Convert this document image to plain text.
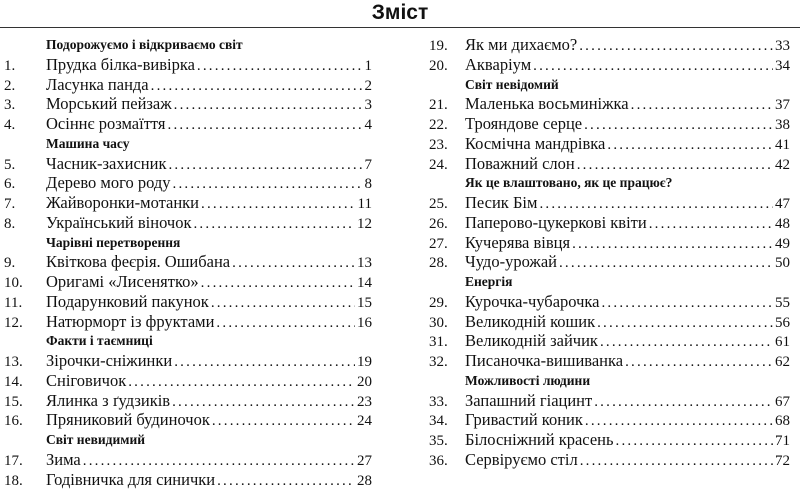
Зміст
Подорожуємо і відкриваємо світ
1.	Прудка білка-вивірка .....	1
2.	Ласунка панда .....	2
3.	Морський пейзаж .....	3
4.	Осіннє розмаїття .....	4
Машина часу
5.	Часник-захисник .....	7
6.	Дерево мого роду .....	8
7.	Жайворонки-мотанки .....	11
8.	Український віночок .....	12
Чарівні перетворення
9.	Квіткова феєрія. Ошибана .....	13
10.	Оригамі «Лисенятко» .....	14
11.	Подарунковий пакунок .....	15
12.	Натюрморт із фруктами .....	16
Факти і таємниці
13.	Зірочки-сніжинки .....	19
14.	Сніговичок .....	20
15.	Ялинка з ґудзиків .....	23
16.	Пряниковий будиночок .....	24
Світ невидимий
17.	Зима .....	27
18.	Годівничка для синички .....	28
19.	Як ми дихаємо? .....	33
20.	Акваріум .....	34
Світ невідомий
21.	Маленька восьминіжка .....	37
22.	Трояндове серце .....	38
23.	Космічна мандрівка .....	41
24.	Поважний слон .....	42
Як це влаштовано, як це працює?
25.	Песик Бім .....	47
26.	Паперово-цукеркові квіти .....	48
27.	Кучерява вівця .....	49
28.	Чудо-урожай .....	50
Енергія
29.	Курочка-чубарочка .....	55
30.	Великодній кошик .....	56
31.	Великодній зайчик .....	61
32.	Писаночка-вишиванка .....	62
Можливості людини
33.	Запашний гіацинт .....	67
34.	Гривастий коник .....	68
35.	Білосніжний красень .....	71
36.	Сервіруємо стіл .....	72
